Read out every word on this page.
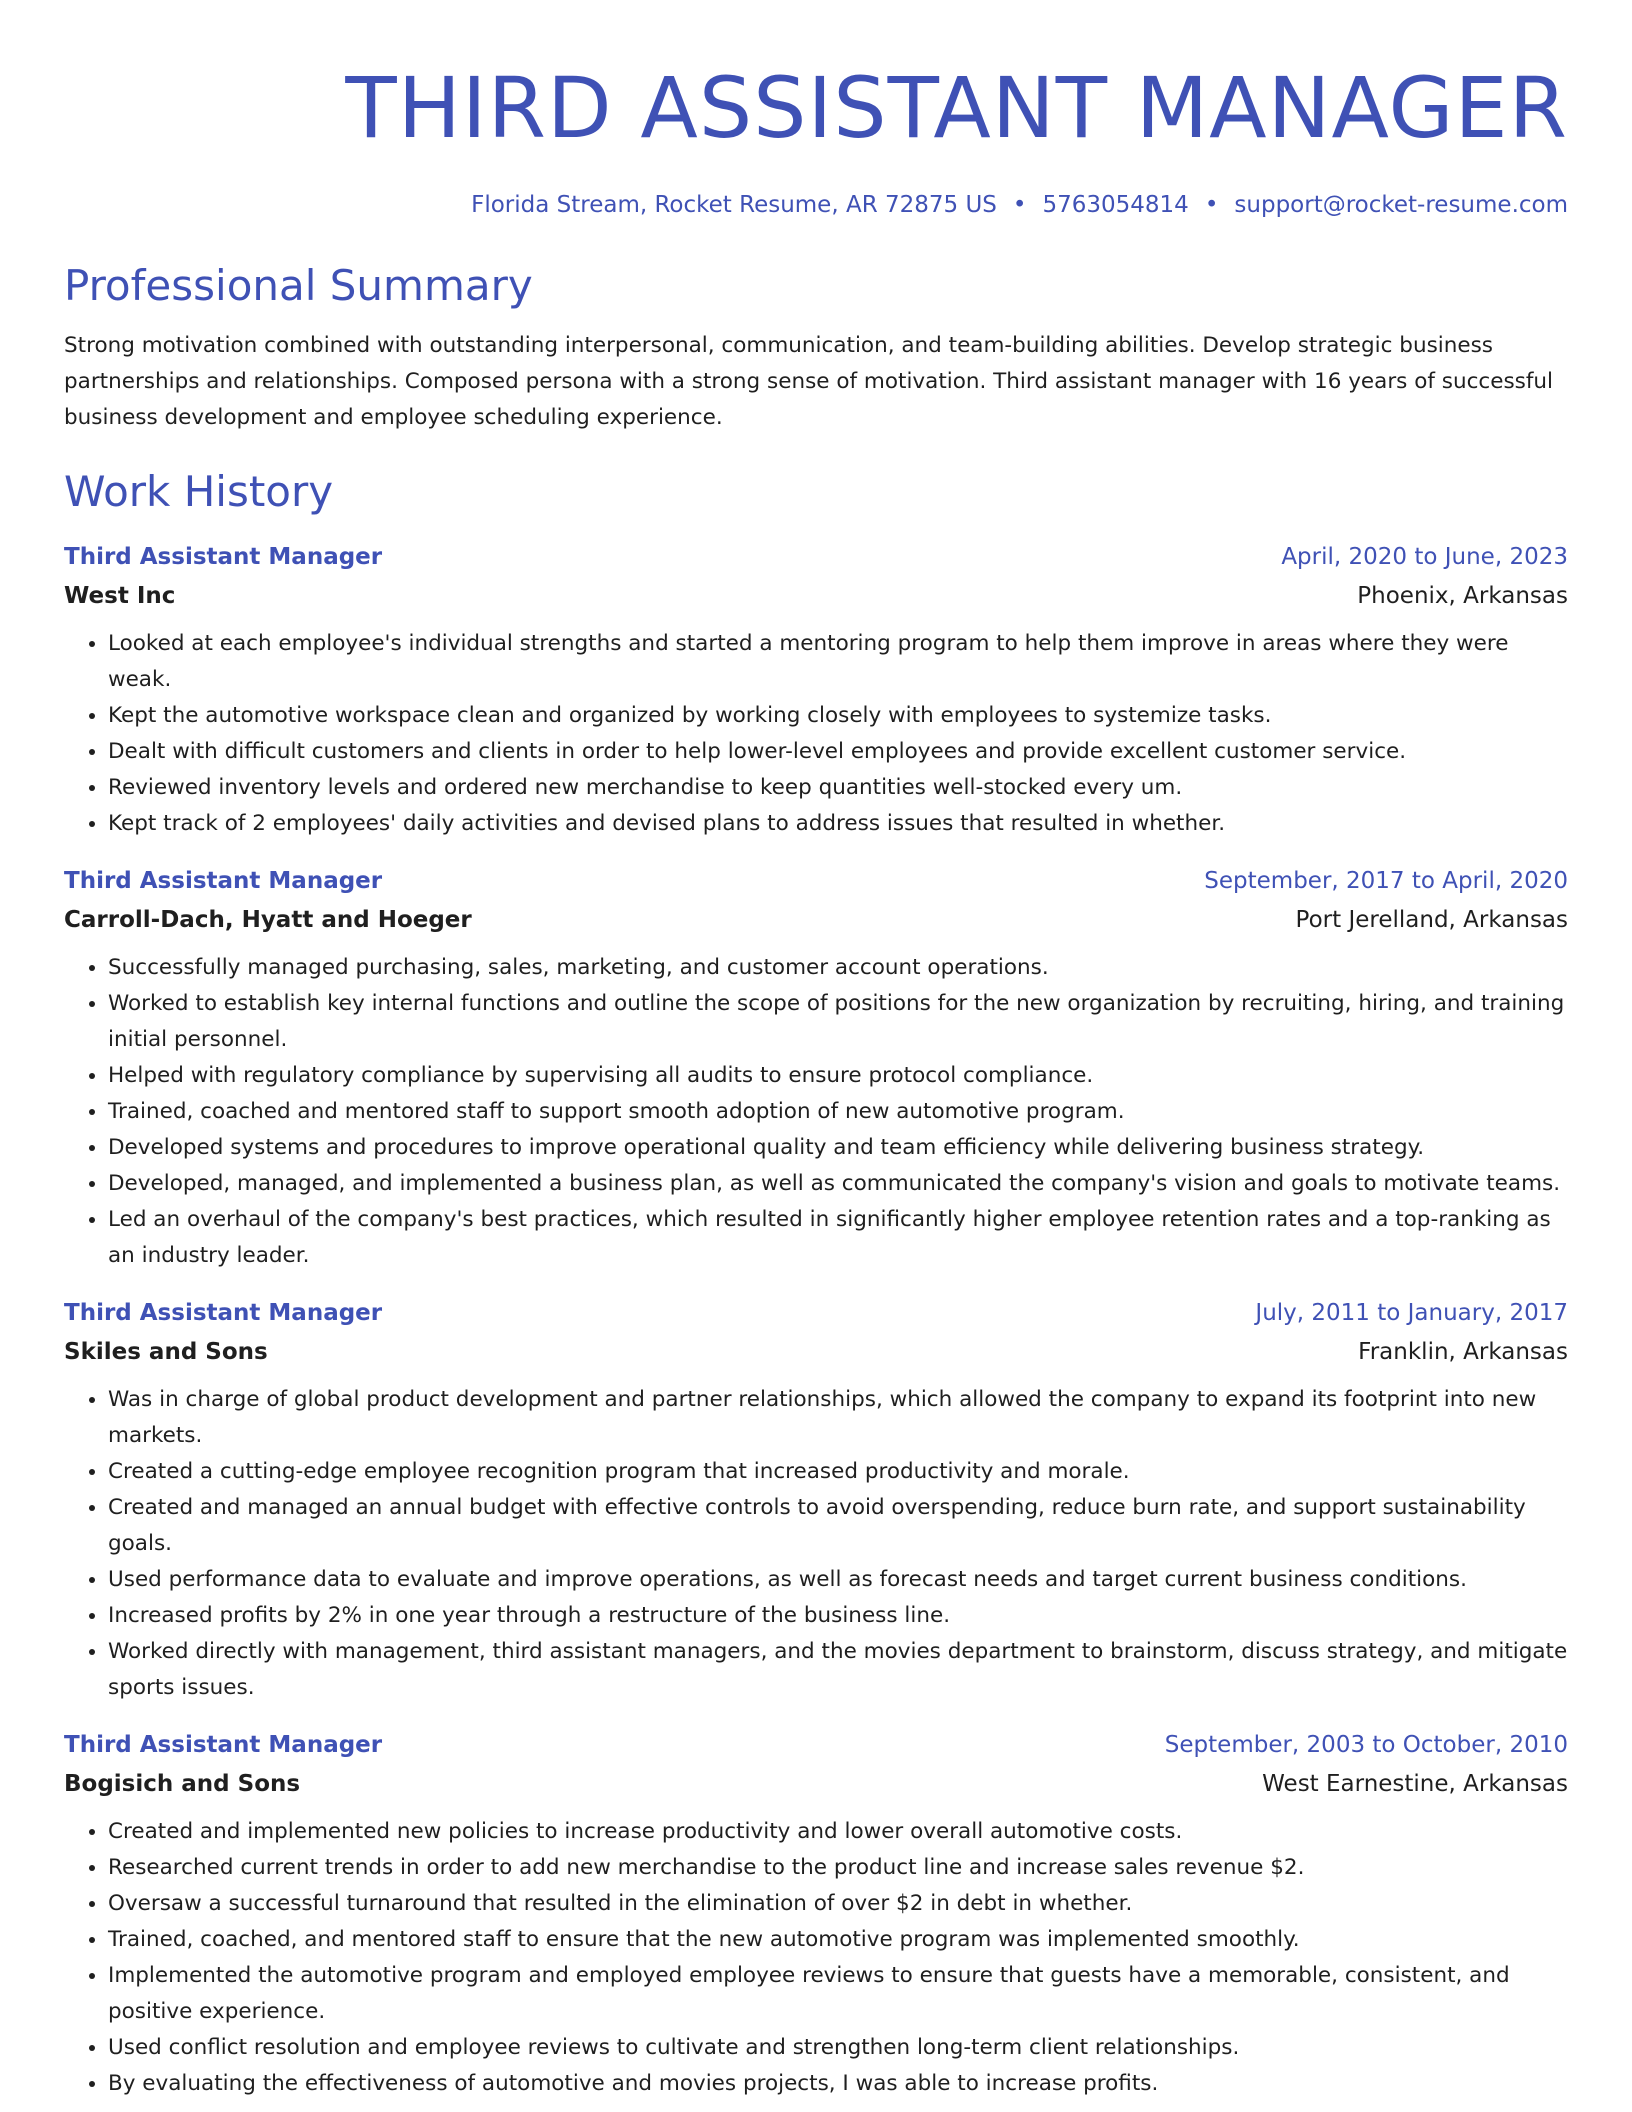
THIRD ASSISTANT MANAGER
Florida Stream, Rocket Resume, AR 72875 US • 5763054814 • support@rocket-resume.com
Professional Summary

Strong motivation combined with outstanding interpersonal, communication, and team-building abilities. Develop strategic business partnerships and relationships. Composed persona with a strong sense of motivation. Third assistant manager with 16 years of successful business development and employee scheduling experience.

Work History
Third Assistant Manager	April, 2020 to June, 2023
West Inc	Phoenix, Arkansas
• Looked at each employee's individual strengths and started a mentoring program to help them improve in areas where they were weak.
• Kept the automotive workspace clean and organized by working closely with employees to systemize tasks.
• Dealt with difficult customers and clients in order to help lower-level employees and provide excellent customer service.
• Reviewed inventory levels and ordered new merchandise to keep quantities well-stocked every um.
• Kept track of 2 employees' daily activities and devised plans to address issues that resulted in whether.
Third Assistant Manager	September, 2017 to April, 2020
Carroll-Dach, Hyatt and Hoeger	Port Jerelland, Arkansas
• Successfully managed purchasing, sales, marketing, and customer account operations.
• Worked to establish key internal functions and outline the scope of positions for the new organization by recruiting, hiring, and training initial personnel.
• Helped with regulatory compliance by supervising all audits to ensure protocol compliance.
• Trained, coached and mentored staff to support smooth adoption of new automotive program.
• Developed systems and procedures to improve operational quality and team efficiency while delivering business strategy.
• Developed, managed, and implemented a business plan, as well as communicated the company's vision and goals to motivate teams.
• Led an overhaul of the company's best practices, which resulted in significantly higher employee retention rates and a top-ranking as an industry leader.
Third Assistant Manager	July, 2011 to January, 2017
Skiles and Sons	Franklin, Arkansas
• Was in charge of global product development and partner relationships, which allowed the company to expand its footprint into new markets.
• Created a cutting-edge employee recognition program that increased productivity and morale.
• Created and managed an annual budget with effective controls to avoid overspending, reduce burn rate, and support sustainability goals.
• Used performance data to evaluate and improve operations, as well as forecast needs and target current business conditions.
• Increased profits by 2% in one year through a restructure of the business line.
• Worked directly with management, third assistant managers, and the movies department to brainstorm, discuss strategy, and mitigate sports issues.
Third Assistant Manager	September, 2003 to October, 2010
Bogisich and Sons	West Earnestine, Arkansas
• Created and implemented new policies to increase productivity and lower overall automotive costs.
• Researched current trends in order to add new merchandise to the product line and increase sales revenue $2.
• Oversaw a successful turnaround that resulted in the elimination of over $2 in debt in whether.
• Trained, coached, and mentored staff to ensure that the new automotive program was implemented smoothly.
• Implemented the automotive program and employed employee reviews to ensure that guests have a memorable, consistent, and positive experience.
• Used conflict resolution and employee reviews to cultivate and strengthen long-term client relationships.
• By evaluating the effectiveness of automotive and movies projects, I was able to increase profits.
